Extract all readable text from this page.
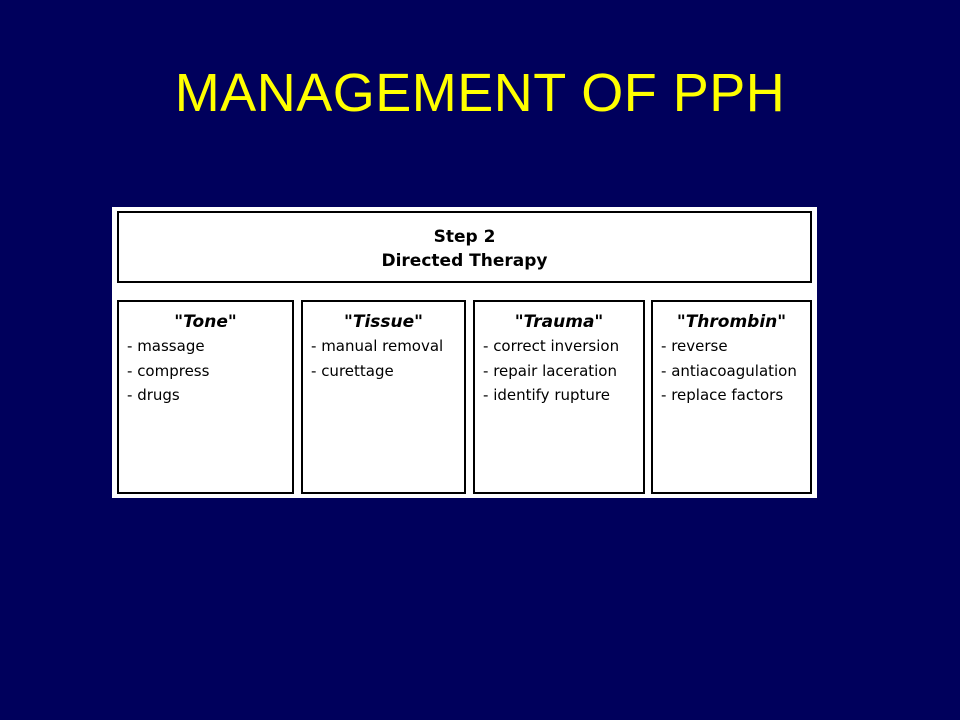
MANAGEMENT OF PPH
Step 2
Directed Therapy
"Tone"
- massage
- compress
- drugs
"Tissue"
- manual removal
- curettage
"Trauma"
- correct inversion
- repair laceration
- identify rupture
"Thrombin"
- reverse
- antiacoagulation
- replace factors
